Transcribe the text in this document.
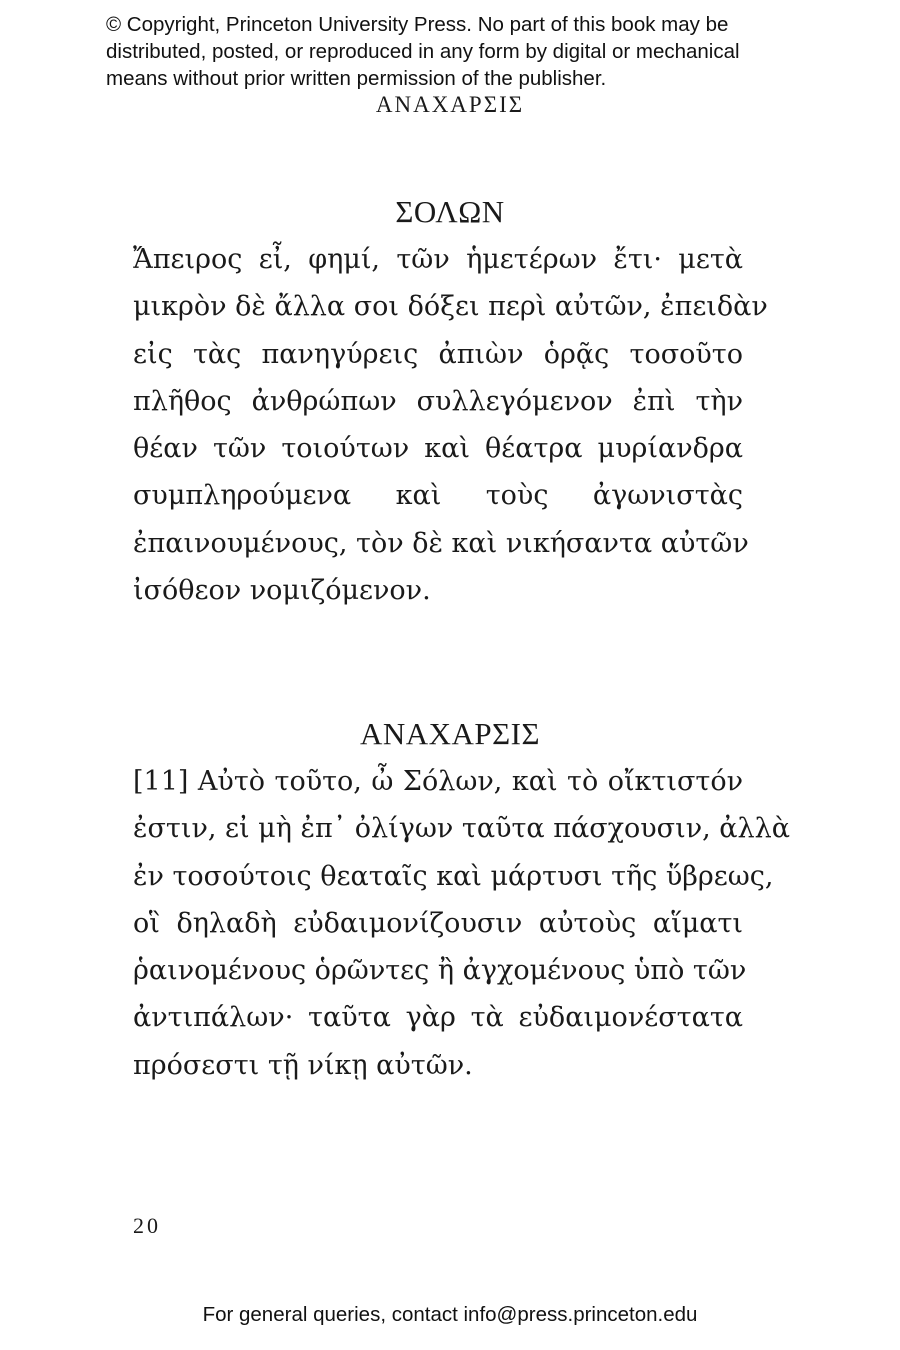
© Copyright, Princeton University Press. No part of this book may be
distributed, posted, or reproduced in any form by digital or mechanical
means without prior written permission of the publisher.
ΑΝΑΧΑΡΣΙΣ
ΣΟΛΩΝ
Ἄπειρος εἶ, φημί, τῶν ἡμετέρων ἔτι· μετὰ
μικρὸν δὲ ἄλλα σοι δόξει περὶ αὐτῶν, ἐπειδὰν
εἰς τὰς πανηγύρεις ἀπιὼν ὁρᾷς τοσοῦτο
πλῆθος ἀνθρώπων συλλεγόμενον ἐπὶ τὴν
θέαν τῶν τοιούτων καὶ θέατρα μυρίανδρα
συμπληρούμενα καὶ τοὺς ἀγωνιστὰς
ἐπαινουμένους, τὸν δὲ καὶ νικήσαντα αὐτῶν
ἰσόθεον νομιζόμενον.
ΑΝΑΧΑΡΣΙΣ
[11] Αὐτὸ τοῦτο, ὦ Σόλων, καὶ τὸ οἴκτιστόν
ἐστιν, εἰ μὴ ἐπ᾽ ὀλίγων ταῦτα πάσχουσιν, ἀλλὰ
ἐν τοσούτοις θεαταῖς καὶ μάρτυσι τῆς ὕβρεως,
οἳ δηλαδὴ εὐδαιμονίζουσιν αὐτοὺς αἵματι
ῥαινομένους ὁρῶντες ἢ ἀγχομένους ὑπὸ τῶν
ἀντιπάλων· ταῦτα γὰρ τὰ εὐδαιμονέστατα
πρόσεστι τῇ νίκῃ αὐτῶν.
20
For general queries, contact info@press.princeton.edu
